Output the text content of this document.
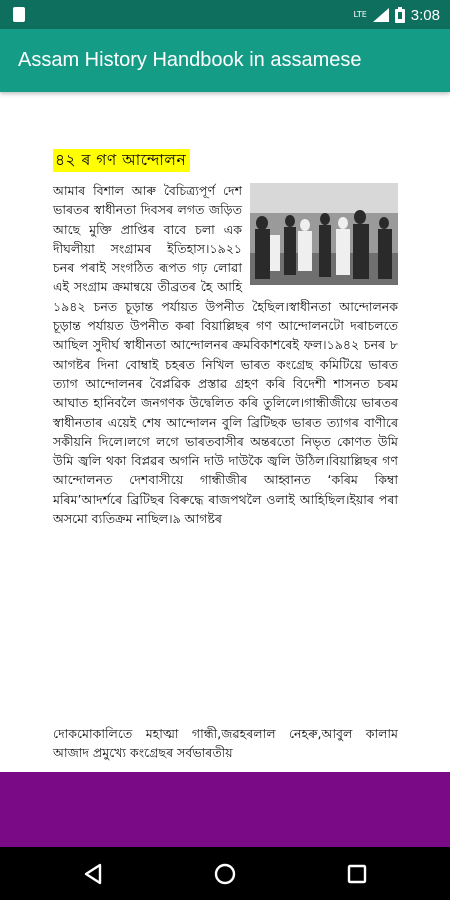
LTE	3:08
Assam History Handbook in assamese
৪২ ৰ গণ আন্দোলন
আমাৰ বিশাল আৰু বৈচিত্ৰ্যপূৰ্ণ দেশ ভাৰতৰ স্বাধীনতা দিবসৰ লগত জড়িত আছে মুক্তি প্ৰাপ্তিৰ বাবে চলা এক দীঘলীয়া সংগ্ৰামৰ ইতিহাস।১৯২১ চনৰ পৰাই সংগঠিত ৰূপত গঢ় লোৱা এই সংগ্ৰাম ক্ৰমান্বয়ে তীব্ৰতৰ হৈ আহি ১৯৪২ চনত চূড়ান্ত পৰ্যায়ত উপনীত হৈছিল।স্বাধীনতা আন্দোলনক চূড়ান্ত পৰ্যায়ত উপনীত কৰা বিয়াল্লিছৰ গণ আন্দোলনটো দৰাচলতে আছিল সুদীৰ্ঘ স্বাধীনতা আন্দোলনৰ ক্ৰমবিকাশৰেই ফল।১৯৪২ চনৰ ৮ আগষ্টৰ দিনা বোম্বাই চহৰত নিখিল ভাৰত কংগ্ৰেছ কমিটিয়ে ভাৰত ত্যাগ আন্দোলনৰ বৈপ্লৱিক প্ৰস্তাৱ গ্ৰহণ কৰি বিদেশী শাসনত চৰম আঘাত হানিবলৈ জনগণক উদ্বেলিত কৰি তুলিলে।গান্ধীজীয়ে ভাৰতৰ স্বাধীনতাৰ এয়েই শেষ আন্দোলন বুলি ব্ৰিটিছক ভাৰত ত্যাগৰ বাণীৰে সকীয়নি দিলে।লগে লগে ভাৰতবাসীৰ অন্তৰতো নিভৃত কোণত উমি উমি জ্বলি থকা বিপ্লৱৰ অগনি দাউ দাউকৈ জ্বলি উঠিল।বিয়াল্লিছৰ গণ আন্দোলনত দেশবাসীয়ে গান্ধীজীৰ আহ্বানত ‘কৰিম কিম্বা মৰিম’আদৰ্শৰে ব্ৰিটিছৰ বিৰুদ্ধে ৰাজপথলৈ ওলাই আহিছিল।ইয়াৰ পৰা অসমো ব্যতিক্ৰম নাছিল।৯ আগষ্টৰ
দোকমোকালিতে মহাত্মা গান্ধী,জৱহৰলাল নেহৰু,আবুল কালাম আজাদ প্ৰমুখ্যে কংগ্ৰেছৰ সৰ্বভাৰতীয়
